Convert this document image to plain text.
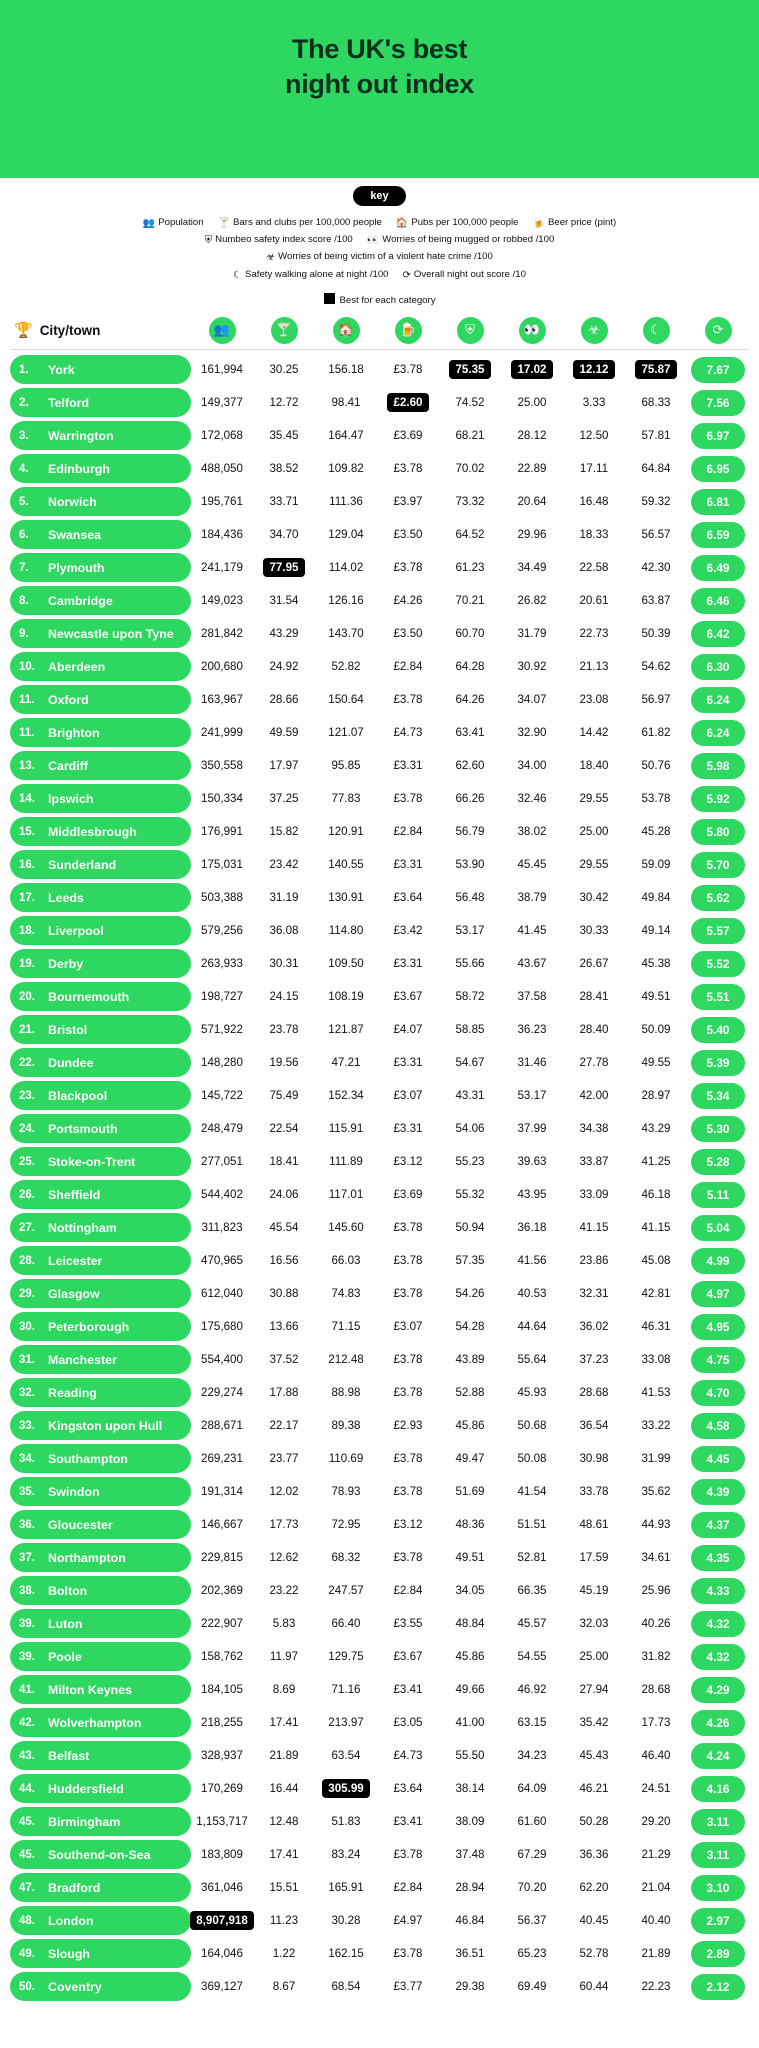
The UK's best
night out index
key
👥 Population 🍸 Bars and clubs per 100,000 people 🏠 Pubs per 100,000 people 🍺 Beer price (pint)
⛨ Numbeo safety index score /100 👀 Worries of being mugged or robbed /100
☣ Worries of being victim of a violent hate crime /100
☾ Safety walking alone at night /100 ⟳ Overall night out score /10
Best for each category
🏆 City/town	👥	🍸	🏠	🍺	⛨	👀	☣	☾	⟳
1.	York	161,994 30.25	156.18	£3.78	75.35	17.02	12.12	75.87	7.67
2.	Telford	149,377 12.72	98.41	£2.60	74.52	25.00	3.33	68.33	7.56
3.	Warrington	172,068 35.45	164.47	£3.69	68.21	28.12	12.50	57.81	6.97
4.	Edinburgh	488,050 38.52	109.82	£3.78	70.02	22.89	17.11	64.84	6.95
5.	Norwich	195,761 33.71	111.36	£3.97	73.32	20.64	16.48	59.32	6.81
6.	Swansea	184,436 34.70	129.04	£3.50	64.52	29.96	18.33	56.57	6.59
7.	Plymouth	241,179	77.95	114.02	£3.78	61.23	34.49	22.58	42.30	6.49
8.	Cambridge	149,023 31.54	126.16	£4.26	70.21	26.82	20.61	63.87	6.46
9.	Newcastle upon Tyne 281,842 43.29	143.70	£3.50	60.70	31.79	22.73	50.39	6.42
10.	Aberdeen	200,680 24.92	52.82	£2.84	64.28	30.92	21.13	54.62	6.30
11.	Oxford	163,967 28.66	150.64	£3.78	64.26	34.07	23.08	56.97	6.24
11.	Brighton	241,999 49.59	121.07	£4.73	63.41	32.90	14.42	61.82	6.24
13.	Cardiff	350,558 17.97	95.85	£3.31	62.60	34.00	18.40	50.76	5.98
14.	Ipswich	150,334 37.25	77.83	£3.78	66.26	32.46	29.55	53.78	5.92
15.	Middlesbrough	176,991 15.82	120.91	£2.84	56.79	38.02	25.00	45.28	5.80
16.	Sunderland	175,031 23.42	140.55	£3.31	53.90	45.45	29.55	59.09	5.70
17.	Leeds	503,388 31.19	130.91	£3.64	56.48	38.79	30.42	49.84	5.62
18.	Liverpool	579,256 36.08	114.80	£3.42	53.17	41.45	30.33	49.14	5.57
19.	Derby	263,933 30.31	109.50	£3.31	55.66	43.67	26.67	45.38	5.52
20.	Bournemouth	198,727 24.15	108.19	£3.67	58.72	37.58	28.41	49.51	5.51
21.	Bristol	571,922 23.78	121.87	£4.07	58.85	36.23	28.40	50.09	5.40
22.	Dundee	148,280 19.56	47.21	£3.31	54.67	31.46	27.78	49.55	5.39
23.	Blackpool	145,722 75.49	152.34	£3.07	43.31	53.17	42.00	28.97	5.34
24.	Portsmouth	248,479 22.54	115.91	£3.31	54.06	37.99	34.38	43.29	5.30
25.	Stoke-on-Trent	277,051 18.41	111.89	£3.12	55.23	39.63	33.87	41.25	5.28
26.	Sheffield	544,402 24.06	117.01	£3.69	55.32	43.95	33.09	46.18	5.11
27.	Nottingham	311,823 45.54	145.60	£3.78	50.94	36.18	41.15	41.15	5.04
28.	Leicester	470,965 16.56	66.03	£3.78	57.35	41.56	23.86	45.08	4.99
29.	Glasgow	612,040 30.88	74.83	£3.78	54.26	40.53	32.31	42.81	4.97
30.	Peterborough	175,680 13.66	71.15	£3.07	54.28	44.64	36.02	46.31	4.95
31.	Manchester	554,400 37.52	212.48	£3.78	43.89	55.64	37.23	33.08	4.75
32.	Reading	229,274 17.88	88.98	£3.78	52.88	45.93	28.68	41.53	4.70
33.	Kingston upon Hull	288,671 22.17	89.38	£2.93	45.86	50.68	36.54	33.22	4.58
34.	Southampton	269,231 23.77	110.69	£3.78	49.47	50.08	30.98	31.99	4.45
35.	Swindon	191,314 12.02	78.93	£3.78	51.69	41.54	33.78	35.62	4.39
36.	Gloucester	146,667 17.73	72.95	£3.12	48.36	51.51	48.61	44.93	4.37
37.	Northampton	229,815 12.62	68.32	£3.78	49.51	52.81	17.59	34.61	4.35
38.	Bolton	202,369 23.22	247.57	£2.84	34.05	66.35	45.19	25.96	4.33
39.	Luton	222,907	5.83	66.40	£3.55	48.84	45.57	32.03	40.26	4.32
39.	Poole	158,762 11.97	129.75	£3.67	45.86	54.55	25.00	31.82	4.32
41.	Milton Keynes	184,105	8.69	71.16	£3.41	49.66	46.92	27.94	28.68	4.29
42.	Wolverhampton	218,255 17.41	213.97	£3.05	41.00	63.15	35.42	17.73	4.26
43.	Belfast	328,937 21.89	63.54	£4.73	55.50	34.23	45.43	46.40	4.24
44.	Huddersfield	170,269 16.44	305.99	£3.64	38.14	64.09	46.21	24.51	4.16
45.	Birmingham	1,153,717 12.48	51.83	£3.41	38.09	61.60	50.28	29.20	3.11
45.	Southend-on-Sea	183,809 17.41	83.24	£3.78	37.48	67.29	36.36	21.29	3.11
47.	Bradford	361,046 15.51	165.91	£2.84	28.94	70.20	62.20	21.04	3.10
48.	London	8,907,918	11.23	30.28	£4.97	46.84	56.37	40.45	40.40	2.97
49.	Slough	164,046	1.22	162.15	£3.78	36.51	65.23	52.78	21.89	2.89
50.	Coventry	369,127	8.67	68.54	£3.77	29.38	69.49	60.44	22.23	2.12
